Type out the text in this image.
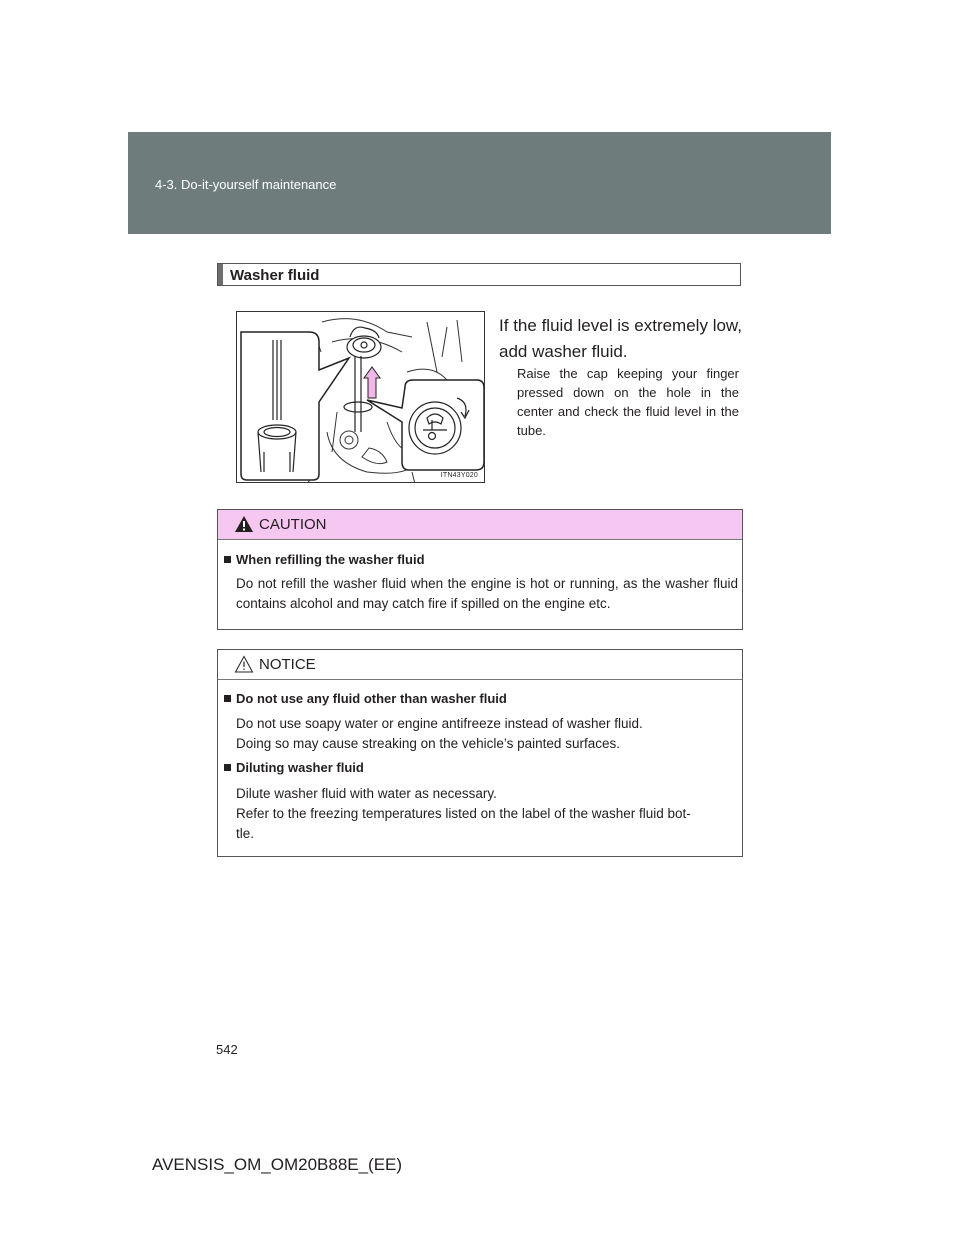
4-3. Do-it-yourself maintenance
Washer fluid
ITN43Y020
If the fluid level is extremely low, add washer fluid.
Raise the cap keeping your finger pressed down on the hole in the center and check the fluid level in the tube.
CAUTION
When refilling the washer fluid
Do not refill the washer fluid when the engine is hot or running, as the washer fluid contains alcohol and may catch fire if spilled on the engine etc.
NOTICE
Do not use any fluid other than washer fluid
Do not use soapy water or engine antifreeze instead of washer fluid.
Doing so may cause streaking on the vehicle’s painted surfaces.
Diluting washer fluid
Dilute washer fluid with water as necessary.
Refer to the freezing temperatures listed on the label of the washer fluid bot-
tle.
542
AVENSIS_OM_OM20B88E_(EE)
